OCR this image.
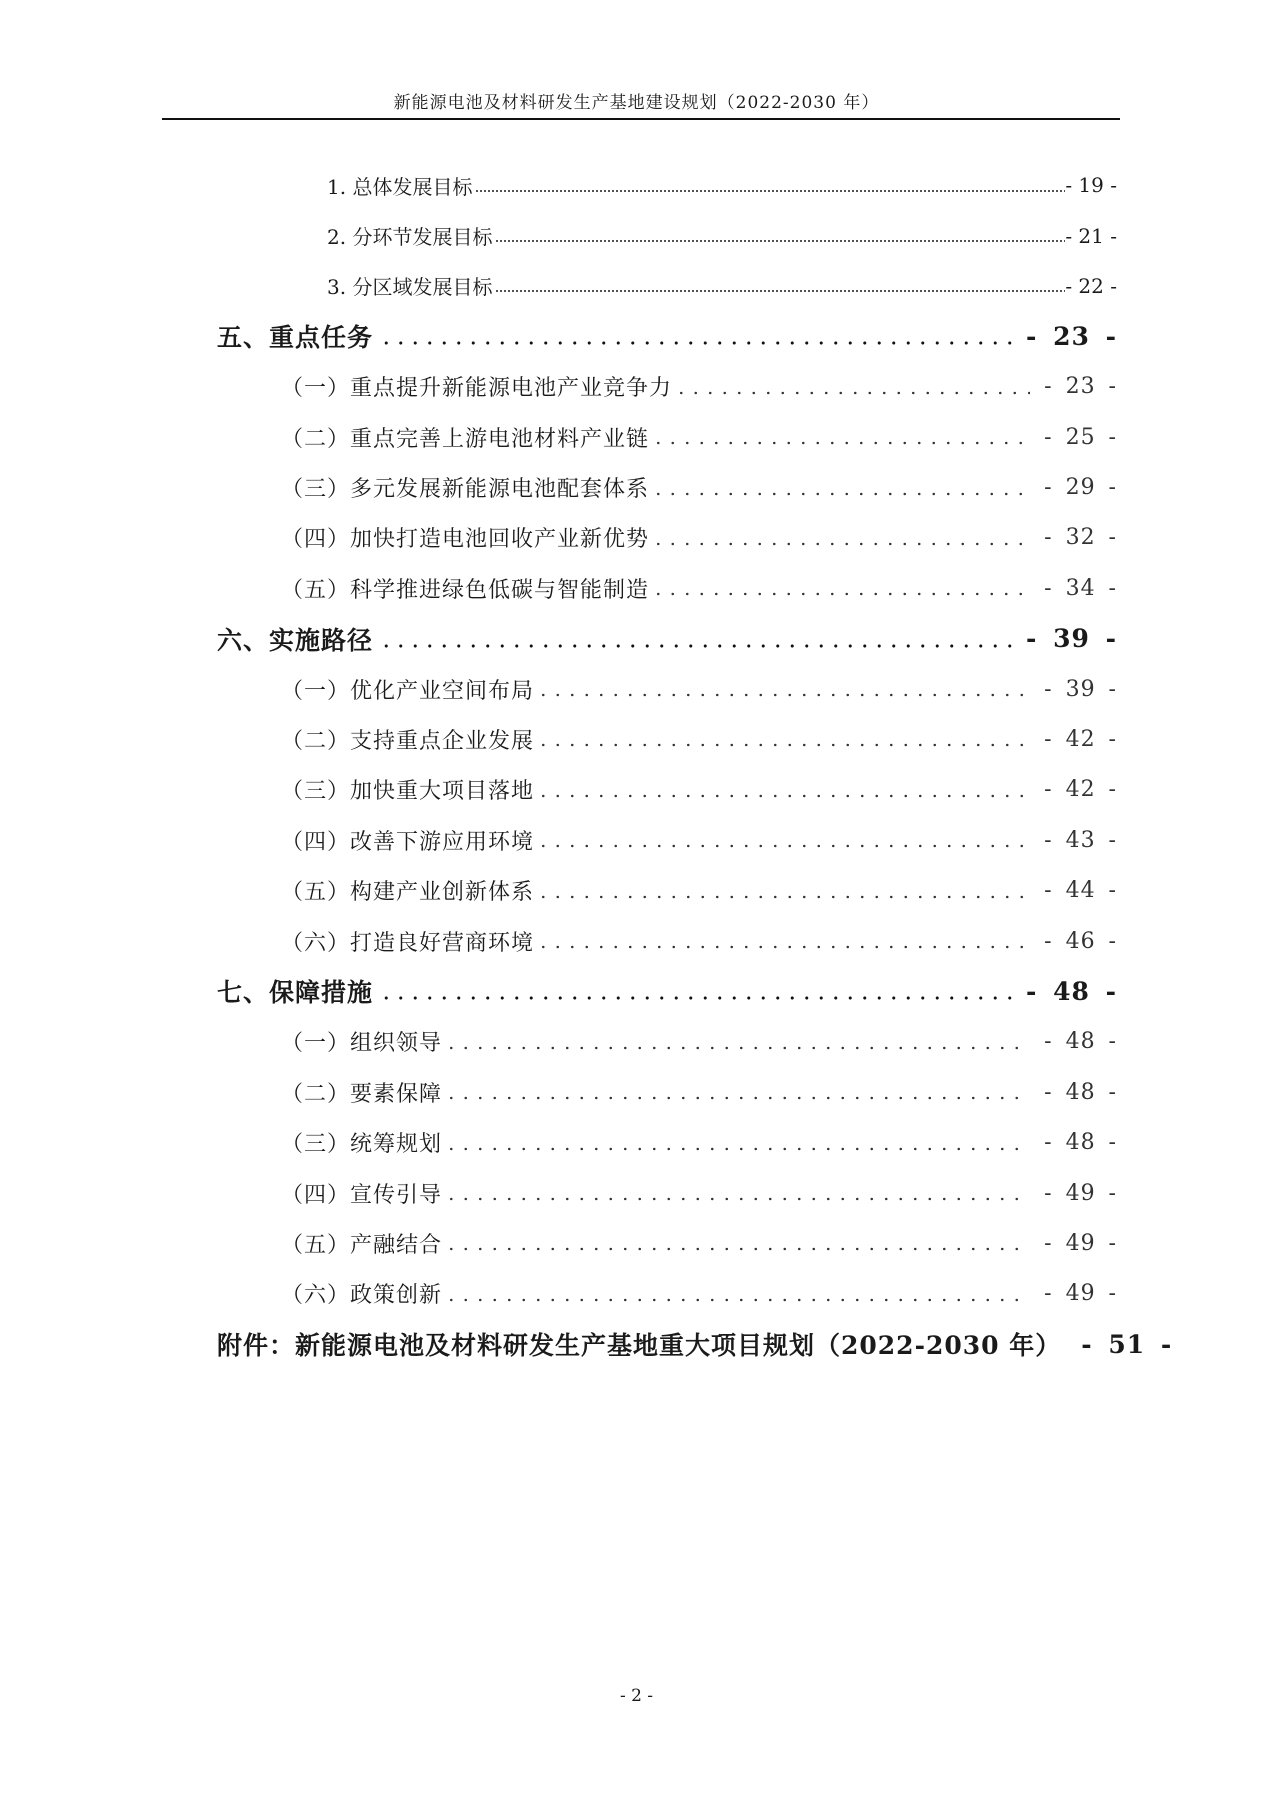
新能源电池及材料研发生产基地建设规划（2022-2030 年）
1. 总体发展目标	- 19 -
2. 分环节发展目标	- 21 -
3. 分区域发展目标	- 22 -
五、重点任务	- 23 -
（一）重点提升新能源电池产业竞争力	- 23 -
（二）重点完善上游电池材料产业链	- 25 -
（三）多元发展新能源电池配套体系	- 29 -
（四）加快打造电池回收产业新优势	- 32 -
（五）科学推进绿色低碳与智能制造	- 34 -
六、实施路径	- 39 -
（一）优化产业空间布局	- 39 -
（二）支持重点企业发展	- 42 -
（三）加快重大项目落地	- 42 -
（四）改善下游应用环境	- 43 -
（五）构建产业创新体系	- 44 -
（六）打造良好营商环境	- 46 -
七、保障措施	- 48 -
（一）组织领导	- 48 -
（二）要素保障	- 48 -
（三）统筹规划	- 48 -
（四）宣传引导	- 49 -
（五）产融结合	- 49 -
（六）政策创新	- 49 -
附件：新能源电池及材料研发生产基地重大项目规划（2022-2030 年） - 51 -
- 2 -
